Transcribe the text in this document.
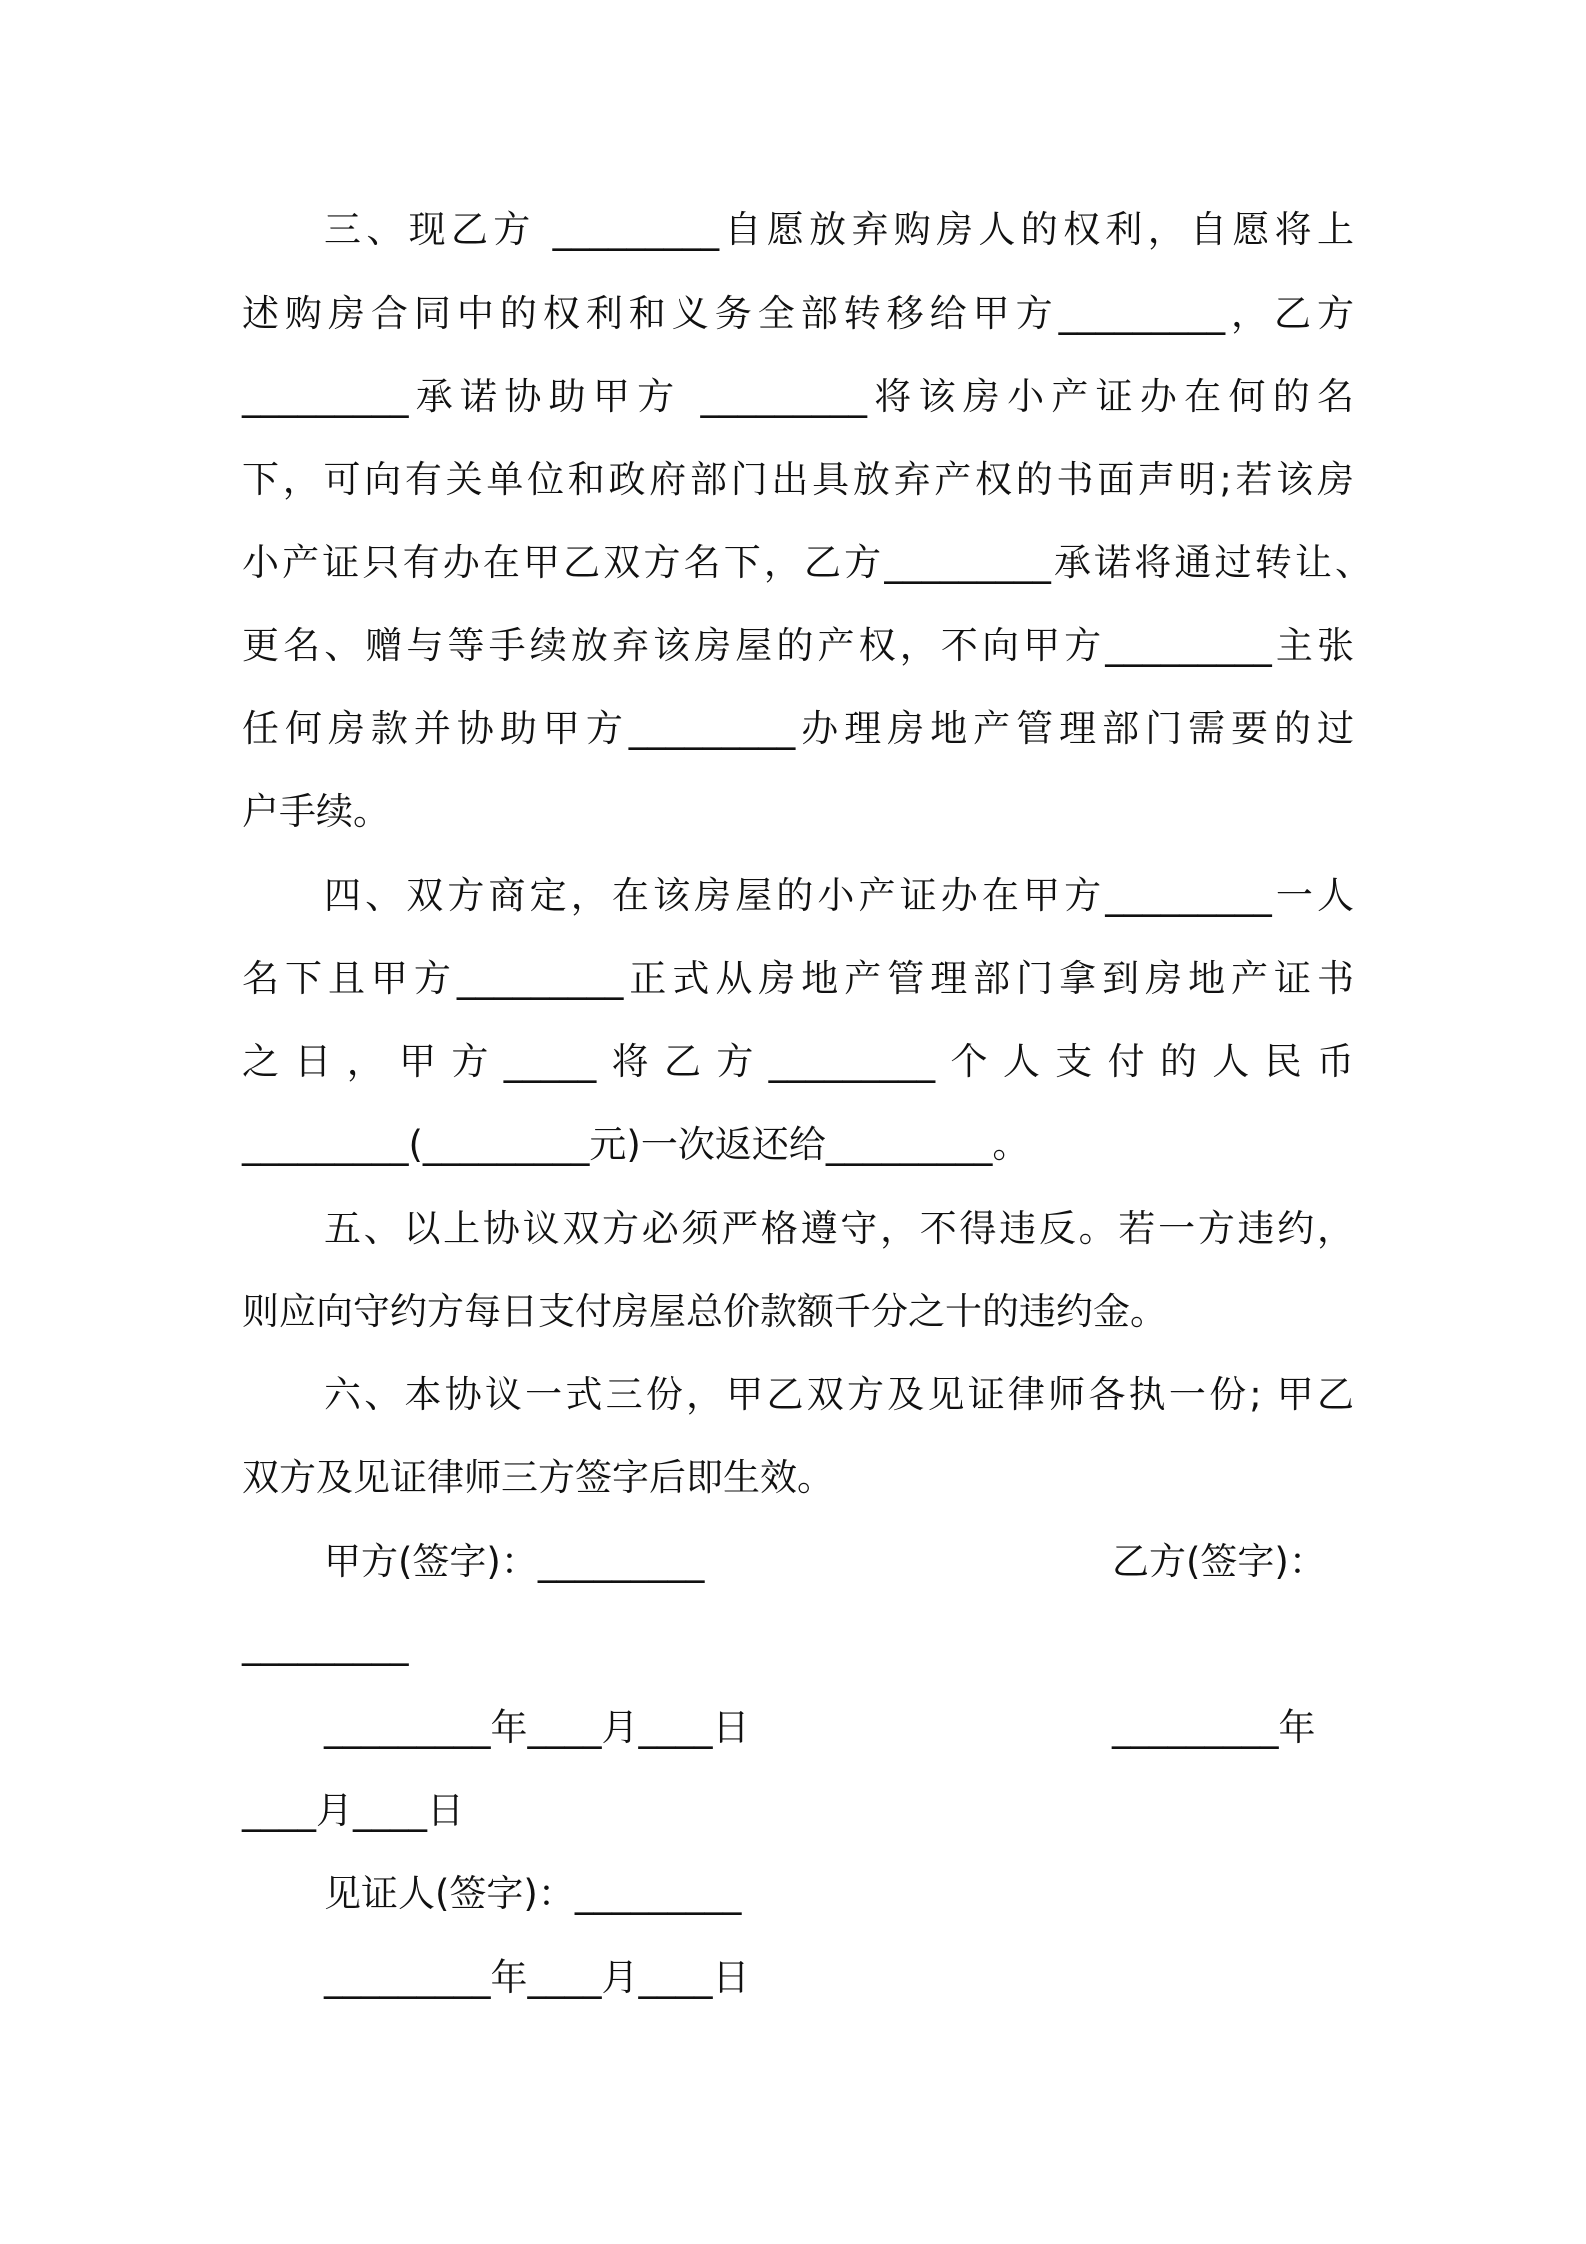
三、现乙方 _________自愿放弃购房人的权利，自愿将上
述购房合同中的权利和义务全部转移给甲方_________，乙方
_________承诺协助甲方 _________将该房小产证办在何的名
下，可向有关单位和政府部门出具放弃产权的书面声明;若该房
小产证只有办在甲乙双方名下，乙方_________承诺将通过转让、
更名、赠与等手续放弃该房屋的产权，不向甲方_________主张
任何房款并协助甲方_________办理房地产管理部门需要的过
户手续。
四、双方商定，在该房屋的小产证办在甲方_________一人
名下且甲方_________正式从房地产管理部门拿到房地产证书
之日，甲方_____将乙方_________个人支付的人民币
_________(_________元)一次返还给_________。
五、以上协议双方必须严格遵守，不得违反。若一方违约，
则应向守约方每日支付房屋总价款额千分之十的违约金。
六、本协议一式三份，甲乙双方及见证律师各执一份; 甲乙
双方及见证律师三方签字后即生效。
甲方(签字)：_________	乙方(签字)：
_________
_________年____月____日	_________年
____月____日
见证人(签字)：_________
_________年____月____日
